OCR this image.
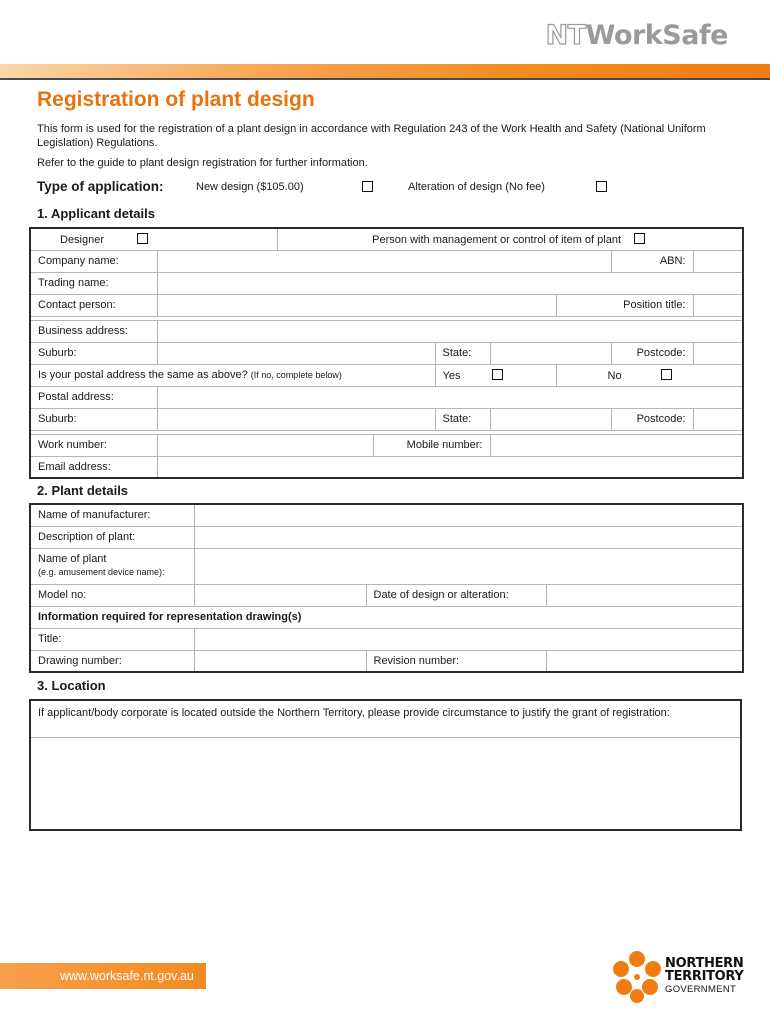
NTWorkSafe
Registration of plant design
This form is used for the registration of a plant design in accordance with Regulation 243 of the Work Health and Safety (National Uniform Legislation) Regulations.
Refer to the guide to plant design registration for further information.
Type of application:	New design ($105.00)	Alteration of design (No fee)
1. Applicant details
Designer		Person with management or control of item of plant						
Company name:							ABN:	
Trading name:								
Contact person:						Position title:		

Business address:								
Suburb:				State:			Postcode:	
Is your postal address the same as above? (If no, complete below)				Yes		No		
Postal address:								
Suburb:				State:			Postcode:	

Work number:			Mobile number:					
Email address:								
2. Plant details
Name of manufacturer:			
Description of plant:			
Name of plant
(e.g. amusement device name):			
Model no:		Date of design or alteration:	
Information required for representation drawing(s)			
Title:			
Drawing number:		Revision number:	
3. Location
If applicant/body corporate is located outside the Northern Territory, please provide circumstance to justify the grant of registration:
www.worksafe.nt.gov.au
NORTHERN
TERRITORY
GOVERNMENT
